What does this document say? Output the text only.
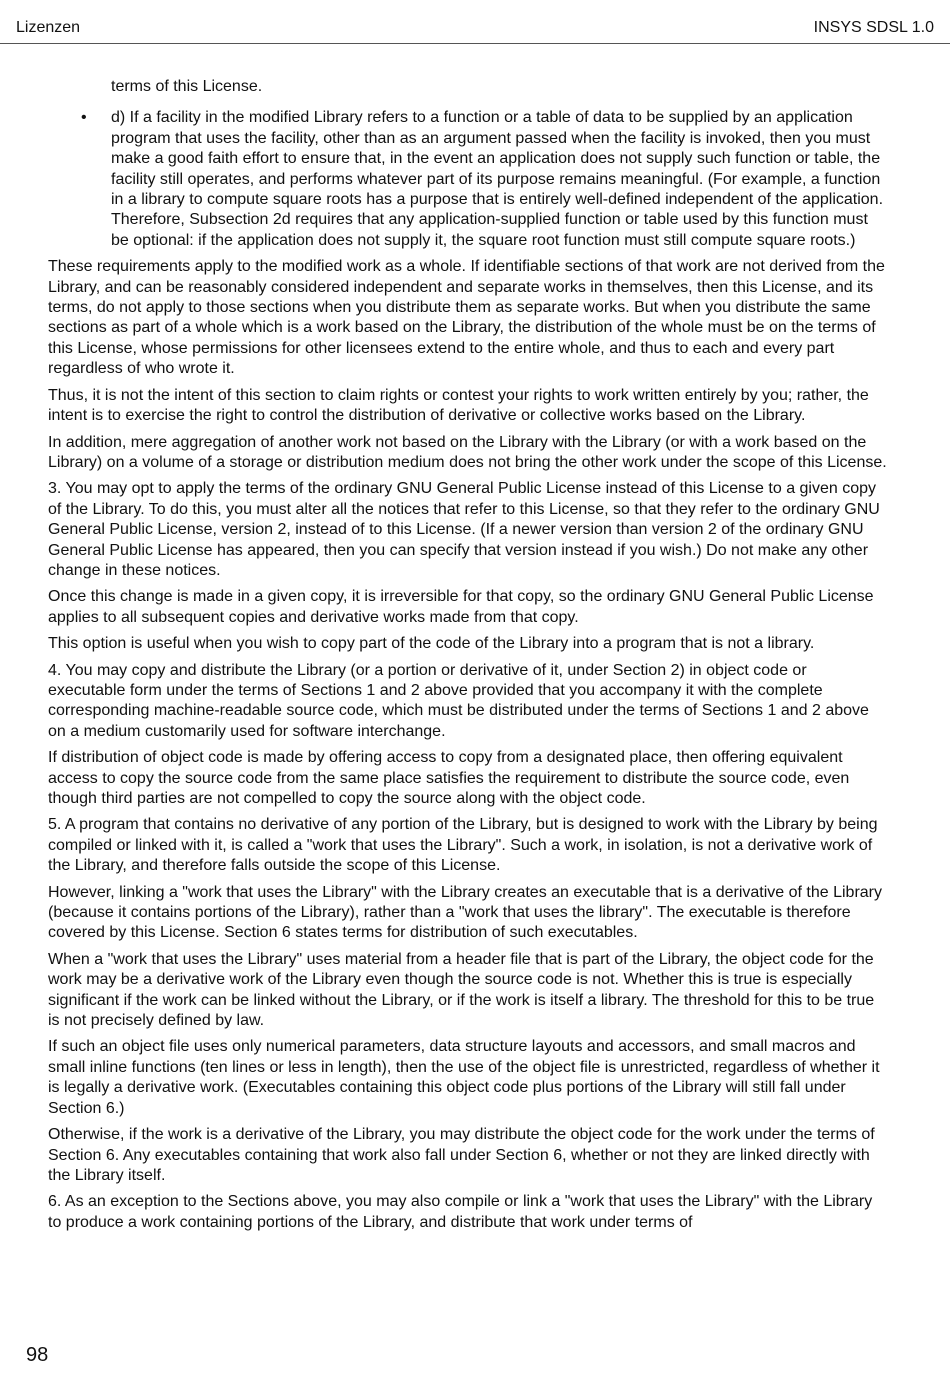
Lizenzen	INSYS SDSL 1.0

terms of this License.

• d) If a facility in the modified Library refers to a function or a table of data to be supplied by an application program that uses the facility, other than as an argument passed when the facility is invoked, then you must make a good faith effort to ensure that, in the event an application does not supply such function or table, the facility still operates, and performs whatever part of its purpose remains meaningful. (For example, a function in a library to compute square roots has a purpose that is entirely well-defined independent of the application. Therefore, Subsection 2d requires that any application-supplied function or table used by this function must be optional: if the application does not supply it, the square root function must still compute square roots.)

These requirements apply to the modified work as a whole. If identifiable sections of that work are not derived from the Library, and can be reasonably considered independent and separate works in themselves, then this License, and its terms, do not apply to those sections when you distribute them as separate works. But when you distribute the same sections as part of a whole which is a work based on the Library, the distribution of the whole must be on the terms of this License, whose permissions for other licensees extend to the entire whole, and thus to each and every part regardless of who wrote it.

Thus, it is not the intent of this section to claim rights or contest your rights to work written entirely by you; rather, the intent is to exercise the right to control the distribution of derivative or collective works based on the Library.

In addition, mere aggregation of another work not based on the Library with the Library (or with a work based on the Library) on a volume of a storage or distribution medium does not bring the other work under the scope of this License.

3. You may opt to apply the terms of the ordinary GNU General Public License instead of this License to a given copy of the Library. To do this, you must alter all the notices that refer to this License, so that they refer to the ordinary GNU General Public License, version 2, instead of to this License. (If a newer version than version 2 of the ordinary GNU General Public License has appeared, then you can specify that version instead if you wish.) Do not make any other change in these notices.

Once this change is made in a given copy, it is irreversible for that copy, so the ordinary GNU General Public License applies to all subsequent copies and derivative works made from that copy.

This option is useful when you wish to copy part of the code of the Library into a program that is not a library.

4. You may copy and distribute the Library (or a portion or derivative of it, under Section 2) in object code or executable form under the terms of Sections 1 and 2 above provided that you accompany it with the complete corresponding machine-readable source code, which must be distributed under the terms of Sections 1 and 2 above on a medium customarily used for software interchange.

If distribution of object code is made by offering access to copy from a designated place, then offering equivalent access to copy the source code from the same place satisfies the requirement to distribute the source code, even though third parties are not compelled to copy the source along with the object code.

5. A program that contains no derivative of any portion of the Library, but is designed to work with the Library by being compiled or linked with it, is called a "work that uses the Library". Such a work, in isolation, is not a derivative work of the Library, and therefore falls outside the scope of this License.

However, linking a "work that uses the Library" with the Library creates an executable that is a derivative of the Library (because it contains portions of the Library), rather than a "work that uses the library". The executable is therefore covered by this License. Section 6 states terms for distribution of such executables.

When a "work that uses the Library" uses material from a header file that is part of the Library, the object code for the work may be a derivative work of the Library even though the source code is not. Whether this is true is especially significant if the work can be linked without the Library, or if the work is itself a library. The threshold for this to be true is not precisely defined by law.

If such an object file uses only numerical parameters, data structure layouts and accessors, and small macros and small inline functions (ten lines or less in length), then the use of the object file is unrestricted, regardless of whether it is legally a derivative work. (Executables containing this object code plus portions of the Library will still fall under Section 6.)

Otherwise, if the work is a derivative of the Library, you may distribute the object code for the work under the terms of Section 6. Any executables containing that work also fall under Section 6, whether or not they are linked directly with the Library itself.

6. As an exception to the Sections above, you may also compile or link a "work that uses the Library" with the Library to produce a work containing portions of the Library, and distribute that work under terms of

98
